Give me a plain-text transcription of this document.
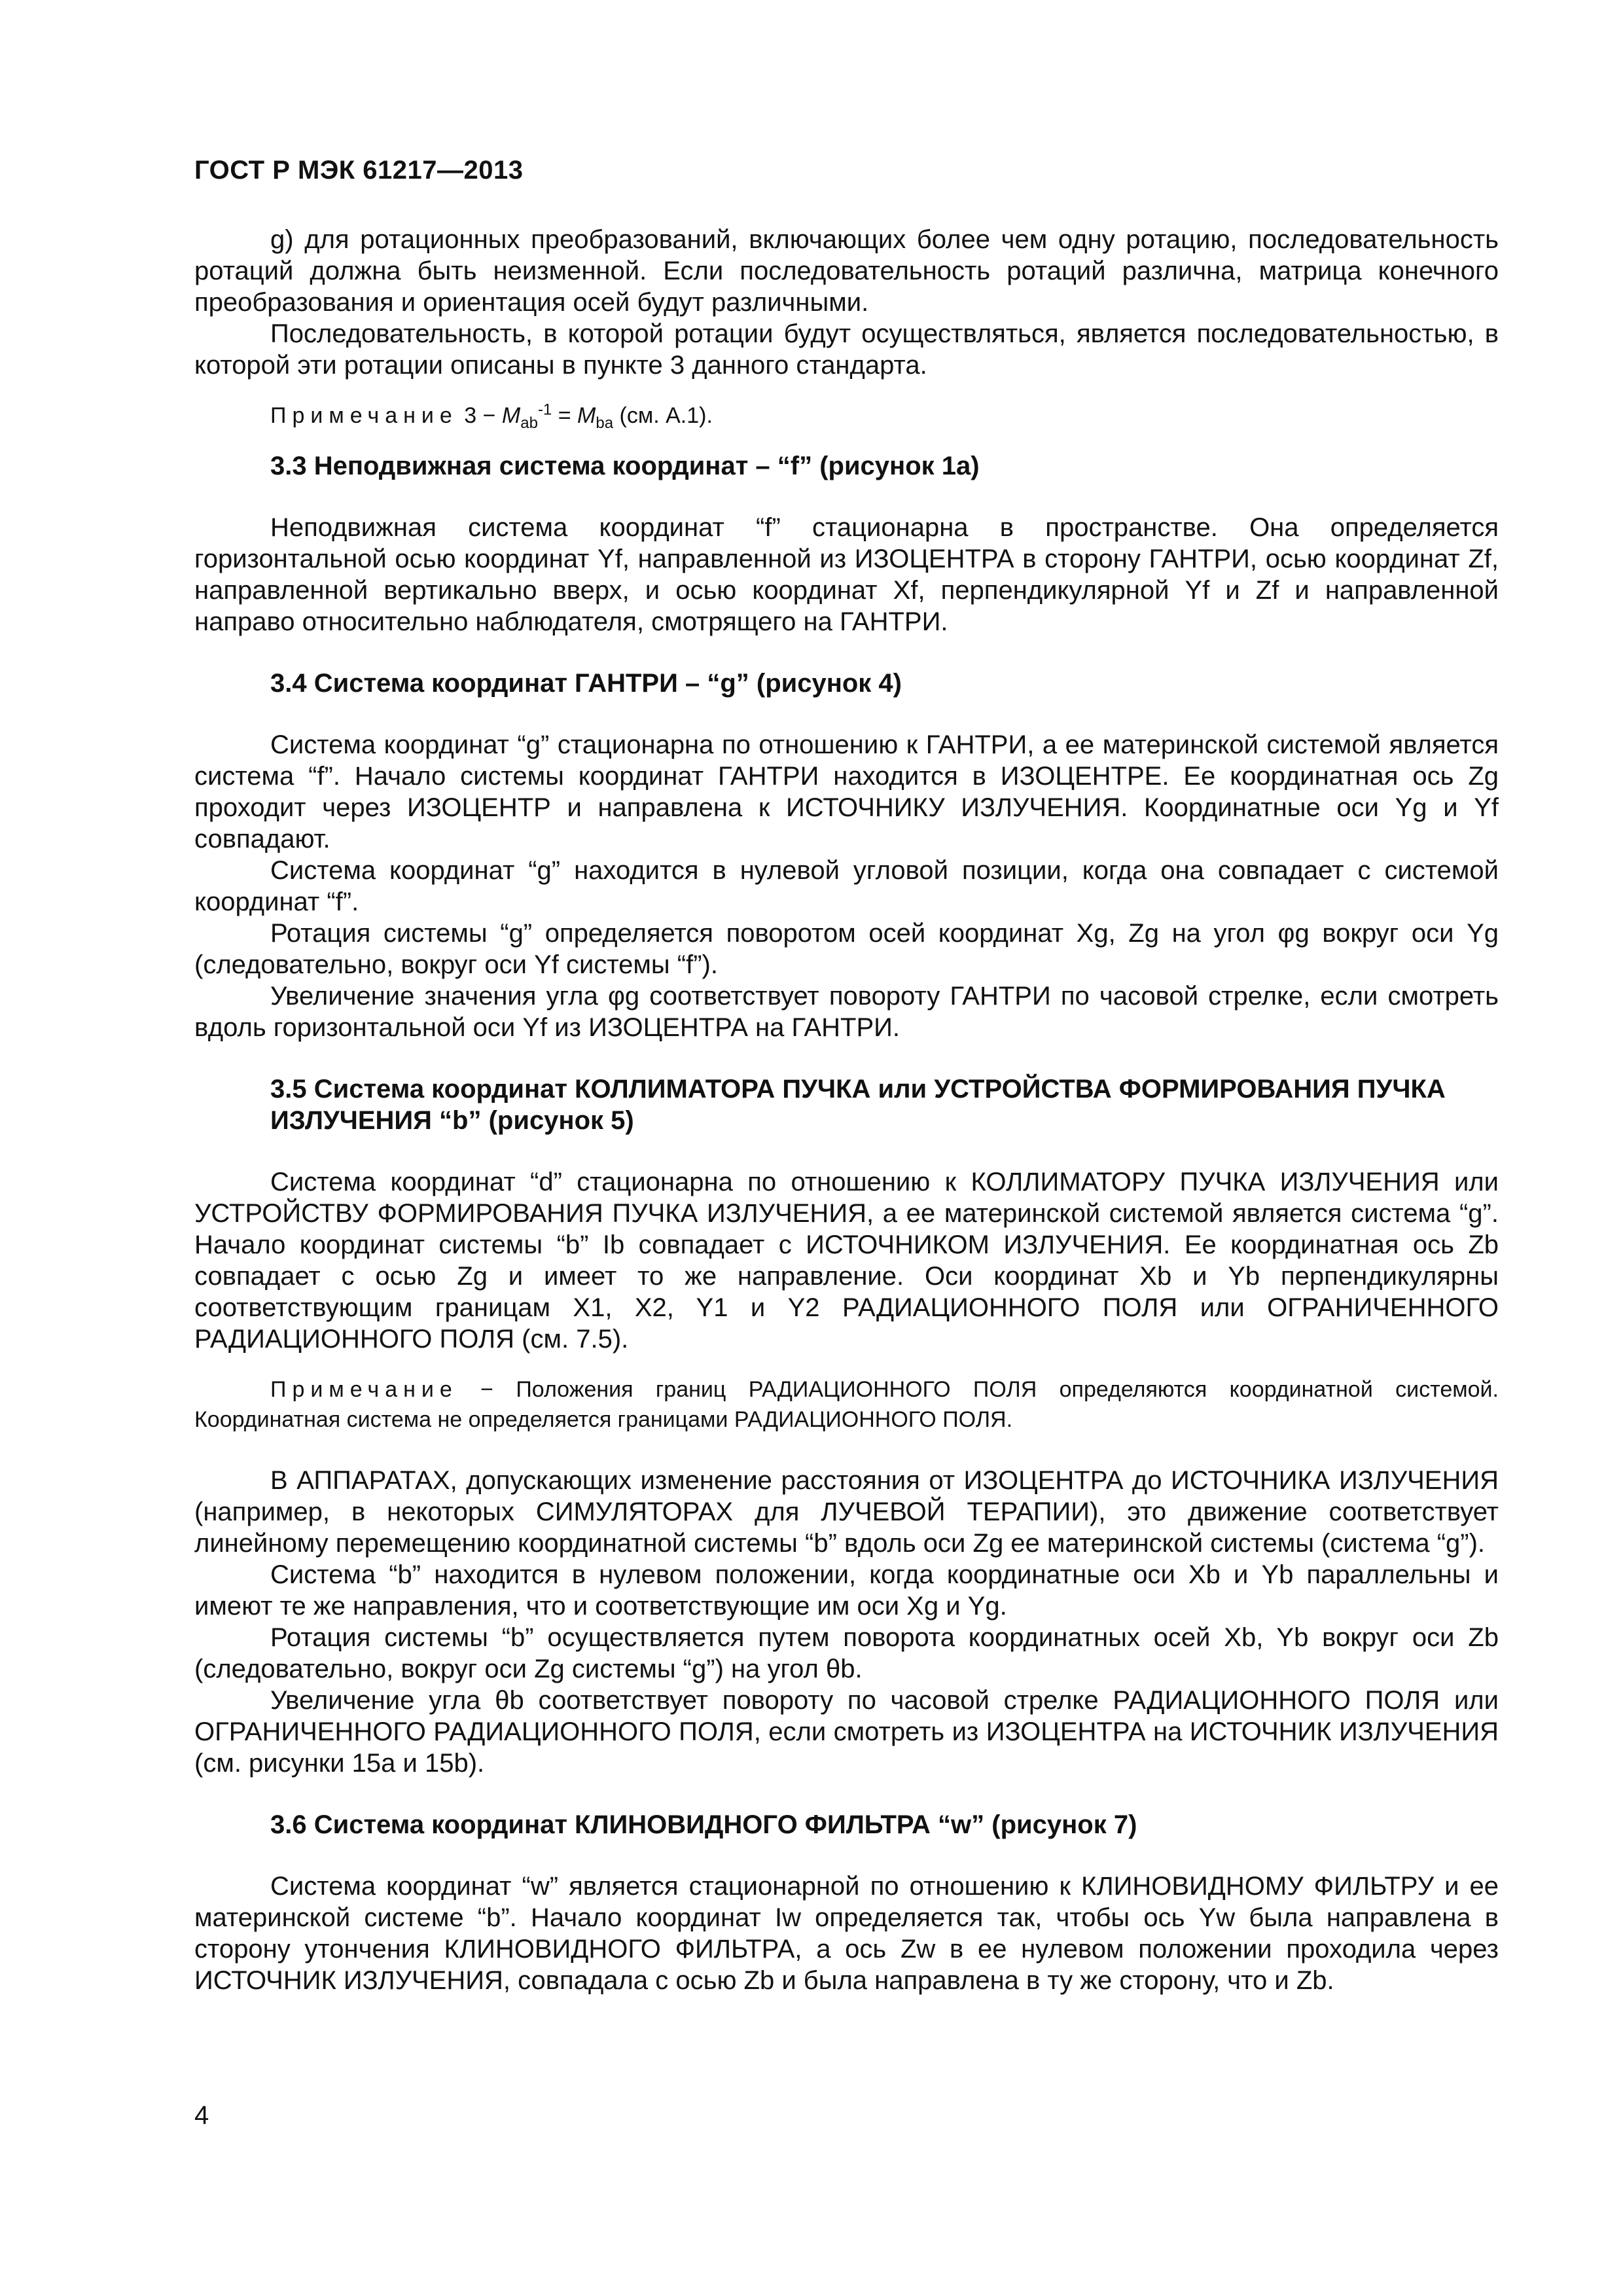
ГОСТ Р МЭК 61217—2013

g) для ротационных преобразований, включающих более чем одну ротацию, последовательность ротаций должна быть неизменной. Если последовательность ротаций различна, матрица конечного преобразования и ориентация осей будут различными.

Последовательность, в которой ротации будут осуществляться, является последовательностью, в которой эти ротации описаны в пункте 3 данного стандарта.

Примечание $3 - M_{ab}^{-1} = M_{ba}$ (см. А.1).
3.3 Неподвижная система координат – “f” (рисунок 1а)

Неподвижная система координат “f” стационарна в пространстве. Она определяется горизонтальной осью координат Yf, направленной из ИЗОЦЕНТРА в сторону ГАНТРИ, осью координат Zf, направленной вертикально вверх, и осью координат Xf, перпендикулярной Yf и Zf и направленной направо относительно наблюдателя, смотрящего на ГАНТРИ.

3.4 Система координат ГАНТРИ – “g” (рисунок 4)

Система координат “g” стационарна по отношению к ГАНТРИ, а ее материнской системой является система “f”. Начало системы координат ГАНТРИ находится в ИЗОЦЕНТРЕ. Ее координатная ось Zg проходит через ИЗОЦЕНТР и направлена к ИСТОЧНИКУ ИЗЛУЧЕНИЯ. Координатные оси Yg и Yf совпадают.

Система координат “g” находится в нулевой угловой позиции, когда она совпадает с системой координат “f”.

Ротация системы “g” определяется поворотом осей координат Xg, Zg на угол φg вокруг оси Yg (следовательно, вокруг оси Yf системы “f”).

Увеличение значения угла φg соответствует повороту ГАНТРИ по часовой стрелке, если смотреть вдоль горизонтальной оси Yf из ИЗОЦЕНТРА на ГАНТРИ.

3.5 Система координат КОЛЛИМАТОРА ПУЧКА или УСТРОЙСТВА ФОРМИРОВАНИЯ ПУЧКА ИЗЛУЧЕНИЯ “b” (рисунок 5)

Система координат “d” стационарна по отношению к КОЛЛИМАТОРУ ПУЧКА ИЗЛУЧЕНИЯ или УСТРОЙСТВУ ФОРМИРОВАНИЯ ПУЧКА ИЗЛУЧЕНИЯ, а ее материнской системой является система “g”. Начало координат системы “b” Ib совпадает с ИСТОЧНИКОМ ИЗЛУЧЕНИЯ. Ее координатная ось Zb совпадает с осью Zg и имеет то же направление. Оси координат Xb и Yb перпендикулярны соответствующим границам X1, X2, Y1 и Y2 РАДИАЦИОННОГО ПОЛЯ или ОГРАНИЧЕННОГО РАДИАЦИОННОГО ПОЛЯ (см. 7.5).

Примечание − Положения границ РАДИАЦИОННОГО ПОЛЯ определяются координатной системой. Координатная система не определяется границами РАДИАЦИОННОГО ПОЛЯ.

В АППАРАТАХ, допускающих изменение расстояния от ИЗОЦЕНТРА до ИСТОЧНИКА ИЗЛУЧЕНИЯ (например, в некоторых СИМУЛЯТОРАХ для ЛУЧЕВОЙ ТЕРАПИИ), это движение соответствует линейному перемещению координатной системы “b” вдоль оси Zg ее материнской системы (система “g”).

Система “b” находится в нулевом положении, когда координатные оси Xb и Yb параллельны и имеют те же направления, что и соответствующие им оси Xg и Yg.

Ротация системы “b” осуществляется путем поворота координатных осей Xb, Yb вокруг оси Zb (следовательно, вокруг оси Zg системы “g”) на угол θb.

Увеличение угла θb соответствует повороту по часовой стрелке РАДИАЦИОННОГО ПОЛЯ или ОГРАНИЧЕННОГО РАДИАЦИОННОГО ПОЛЯ, если смотреть из ИЗОЦЕНТРА на ИСТОЧНИК ИЗЛУЧЕНИЯ (см. рисунки 15а и 15b).

3.6 Система координат КЛИНОВИДНОГО ФИЛЬТРА “w” (рисунок 7)

Система координат “w” является стационарной по отношению к КЛИНОВИДНОМУ ФИЛЬТРУ и ее материнской системе “b”. Начало координат Iw определяется так, чтобы ось Yw была направлена в сторону утончения КЛИНОВИДНОГО ФИЛЬТРА, а ось Zw в ее нулевом положении проходила через ИСТОЧНИК ИЗЛУЧЕНИЯ, совпадала с осью Zb и была направлена в ту же сторону, что и Zb.

4
